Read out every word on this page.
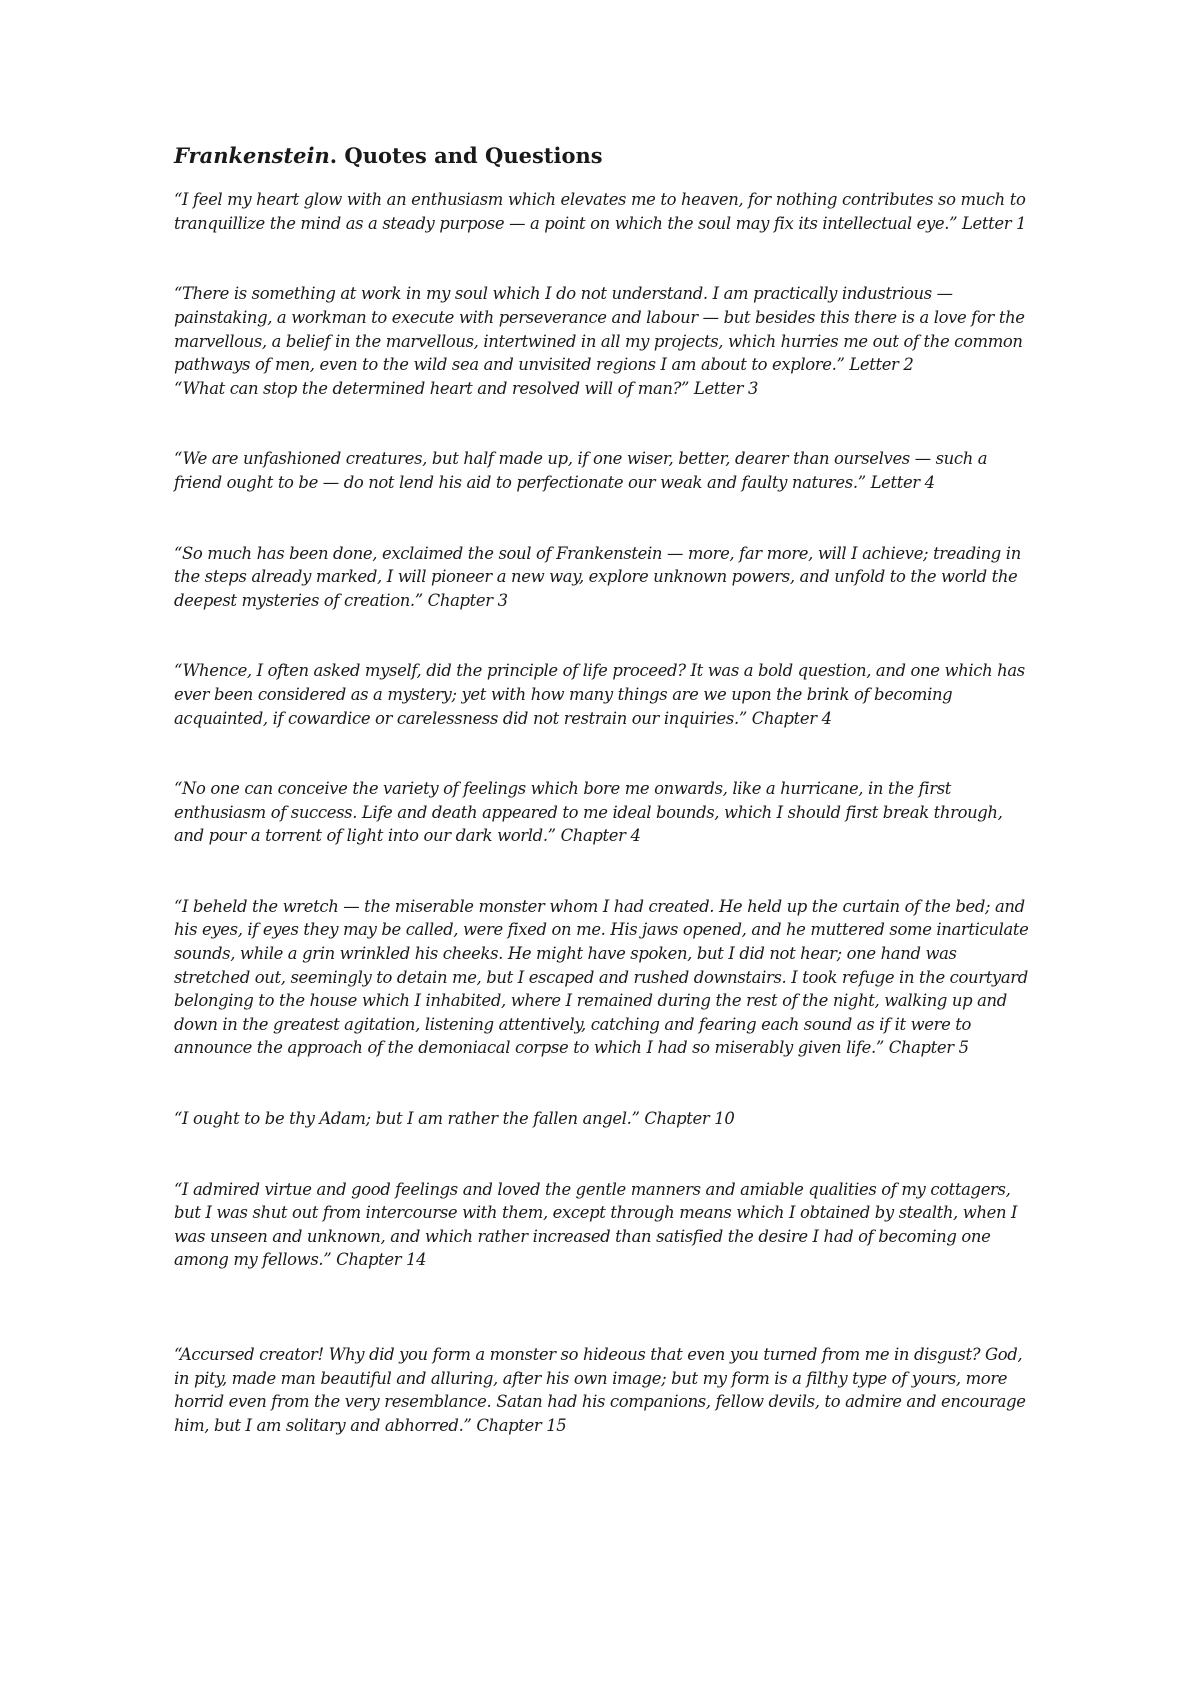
Frankenstein. Quotes and Questions

“I feel my heart glow with an enthusiasm which elevates me to heaven, for nothing contributes so much to tranquillize the mind as a steady purpose — a point on which the soul may fix its intellectual eye.” Letter 1

“There is something at work in my soul which I do not understand. I am practically industrious — painstaking, a workman to execute with perseverance and labour — but besides this there is a love for the marvellous, a belief in the marvellous, intertwined in all my projects, which hurries me out of the common pathways of men, even to the wild sea and unvisited regions I am about to explore.” Letter 2

“What can stop the determined heart and resolved will of man?” Letter 3

“We are unfashioned creatures, but half made up, if one wiser, better, dearer than ourselves — such a friend ought to be — do not lend his aid to perfectionate our weak and faulty natures.” Letter 4

“So much has been done, exclaimed the soul of Frankenstein — more, far more, will I achieve; treading in the steps already marked, I will pioneer a new way, explore unknown powers, and unfold to the world the deepest mysteries of creation.” Chapter 3

“Whence, I often asked myself, did the principle of life proceed? It was a bold question, and one which has ever been considered as a mystery; yet with how many things are we upon the brink of becoming acquainted, if cowardice or carelessness did not restrain our inquiries.” Chapter 4

“No one can conceive the variety of feelings which bore me onwards, like a hurricane, in the first enthusiasm of success. Life and death appeared to me ideal bounds, which I should first break through, and pour a torrent of light into our dark world.” Chapter 4

“I beheld the wretch — the miserable monster whom I had created. He held up the curtain of the bed; and his eyes, if eyes they may be called, were fixed on me. His jaws opened, and he muttered some inarticulate sounds, while a grin wrinkled his cheeks. He might have spoken, but I did not hear; one hand was stretched out, seemingly to detain me, but I escaped and rushed downstairs. I took refuge in the courtyard belonging to the house which I inhabited, where I remained during the rest of the night, walking up and down in the greatest agitation, listening attentively, catching and fearing each sound as if it were to announce the approach of the demoniacal corpse to which I had so miserably given life.” Chapter 5

“I ought to be thy Adam; but I am rather the fallen angel.” Chapter 10

“I admired virtue and good feelings and loved the gentle manners and amiable qualities of my cottagers, but I was shut out from intercourse with them, except through means which I obtained by stealth, when I was unseen and unknown, and which rather increased than satisfied the desire I had of becoming one among my fellows.” Chapter 14

“Accursed creator! Why did you form a monster so hideous that even you turned from me in disgust? God, in pity, made man beautiful and alluring, after his own image; but my form is a filthy type of yours, more horrid even from the very resemblance. Satan had his companions, fellow devils, to admire and encourage him, but I am solitary and abhorred.” Chapter 15
